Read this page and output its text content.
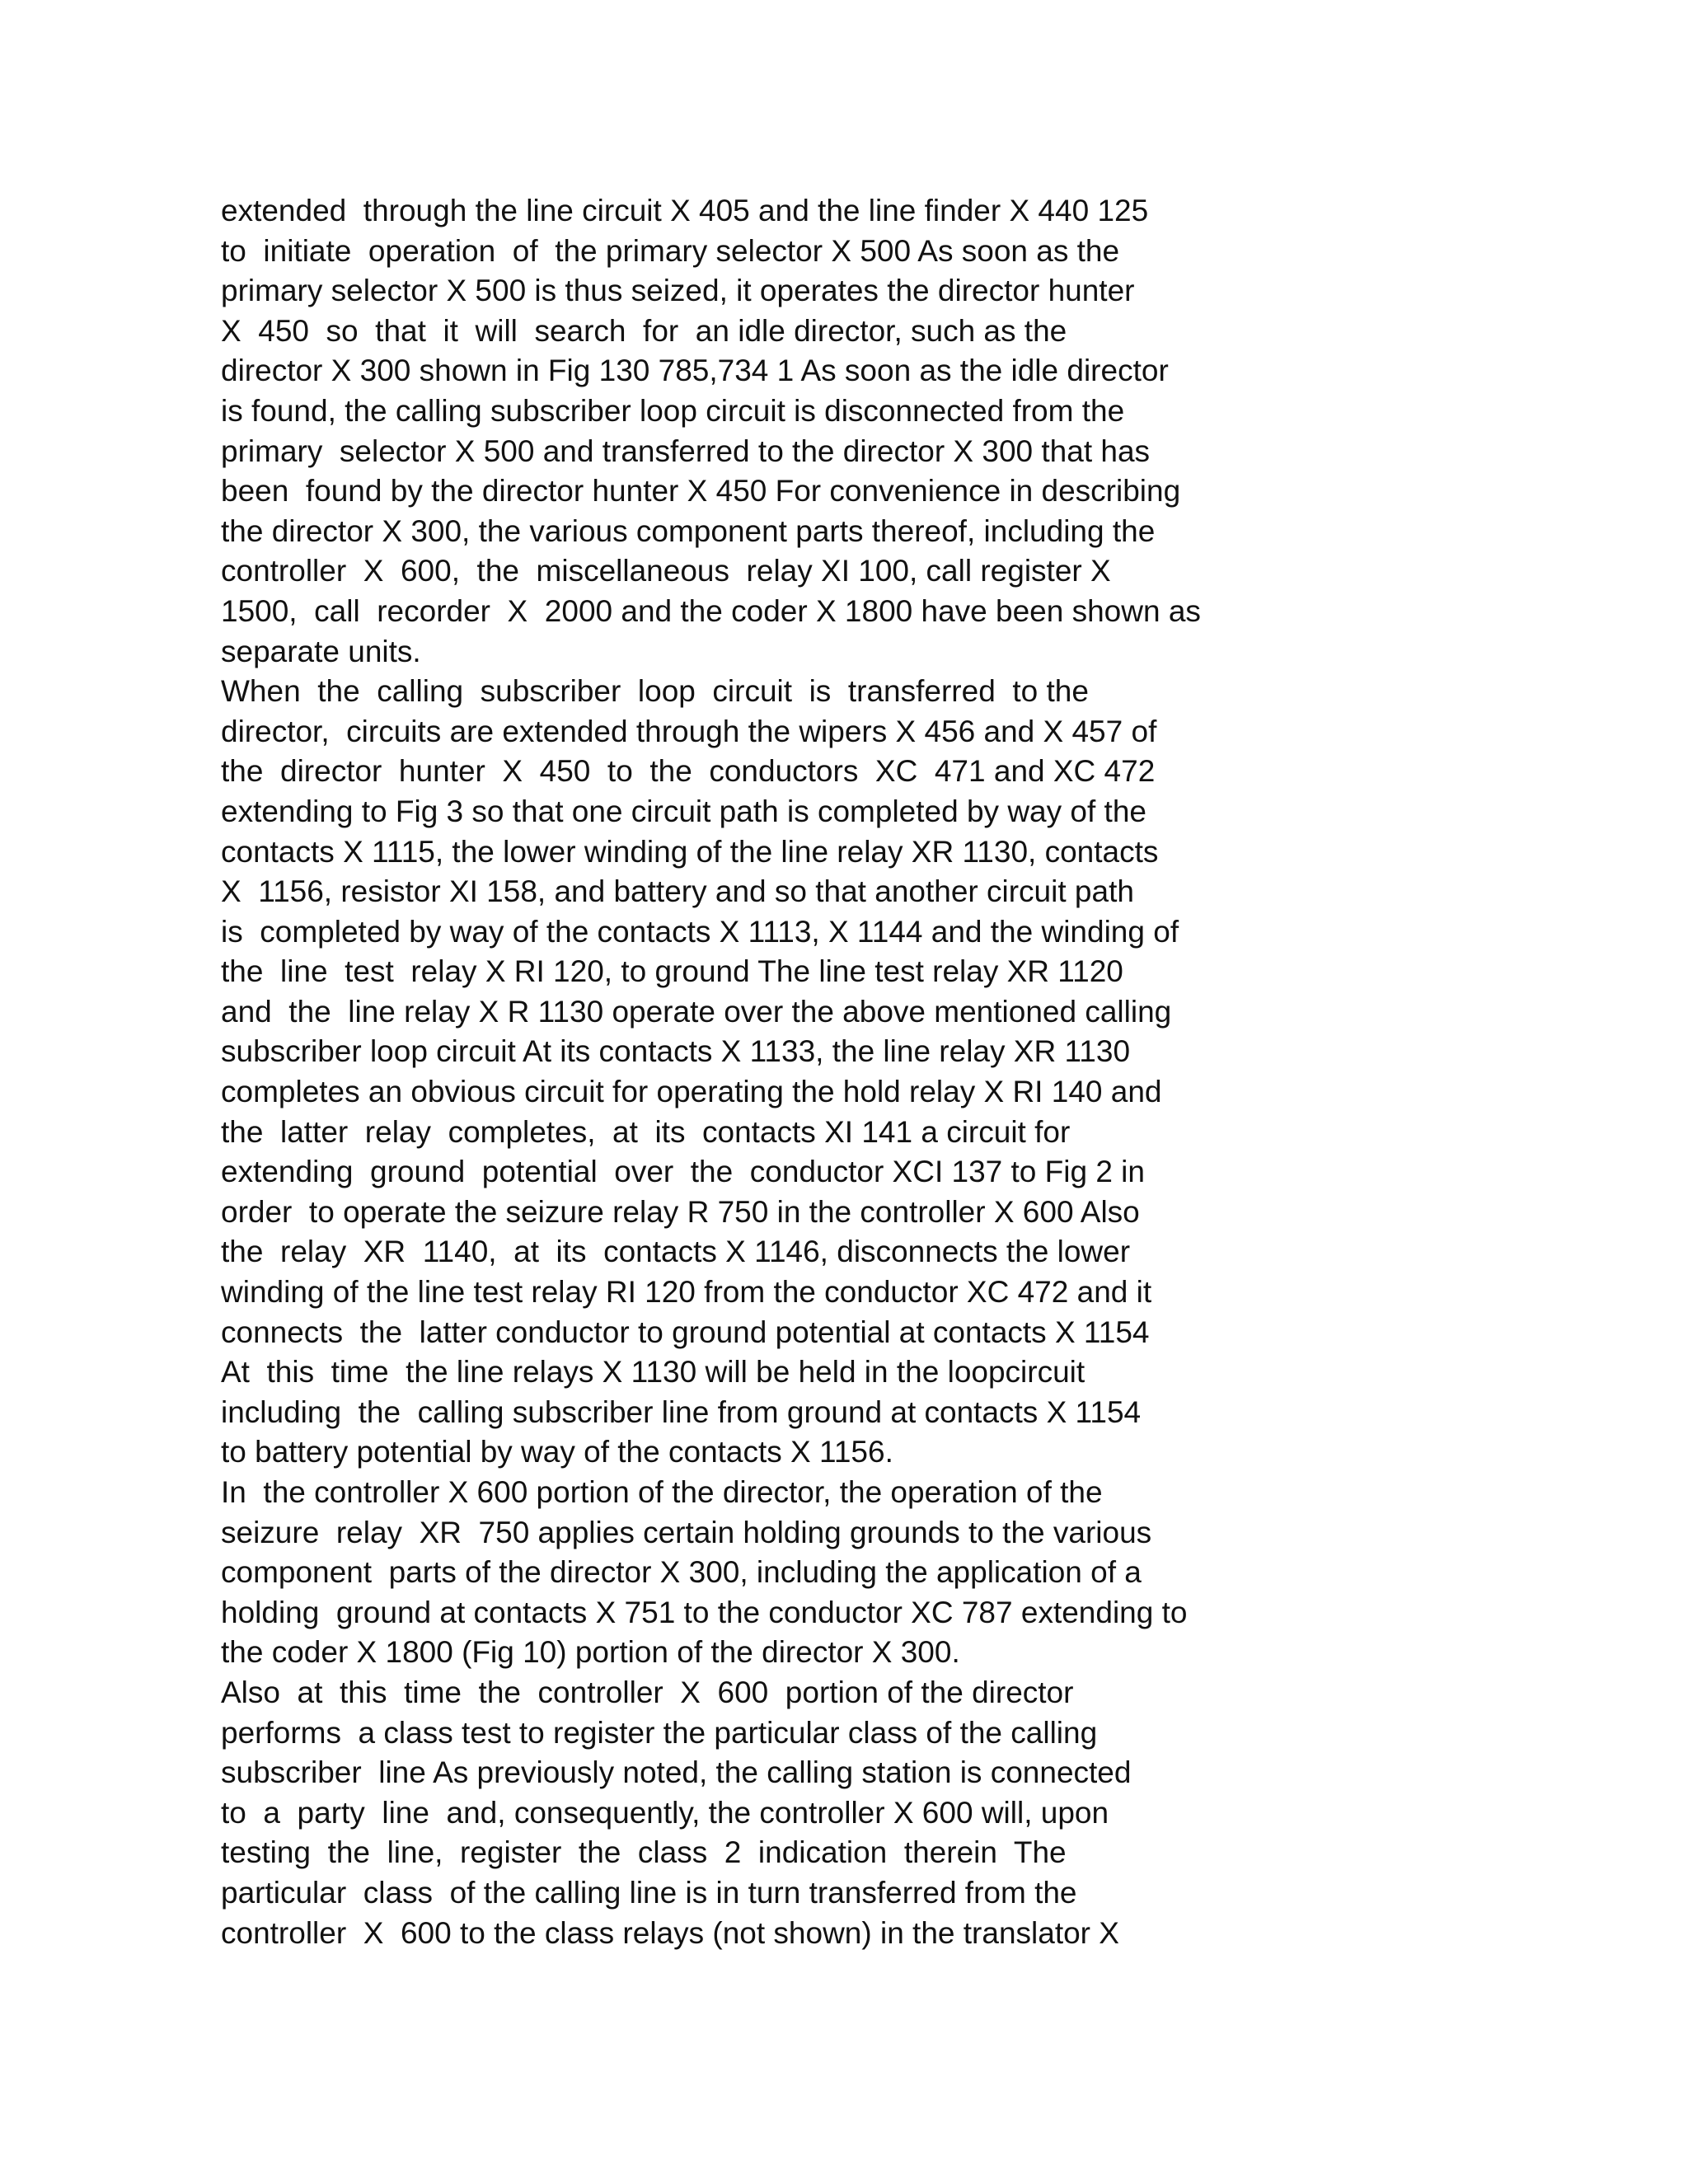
extended  through the line circuit X 405 and the line finder X 440 125
to  initiate  operation  of  the primary selector X 500 As soon as the
primary selector X 500 is thus seized, it operates the director hunter
X  450  so  that  it  will  search  for  an idle director, such as the
director X 300 shown in Fig 130 785,734 1 As soon as the idle director
is found, the calling subscriber loop circuit is disconnected from the
primary  selector X 500 and transferred to the director X 300 that has
been  found by the director hunter X 450 For convenience in describing
the director X 300, the various component parts thereof, including the
controller  X  600,  the  miscellaneous  relay XI 100, call register X
1500,  call  recorder  X  2000 and the coder X 1800 have been shown as
separate units.
When  the  calling  subscriber  loop  circuit  is  transferred  to the
director,  circuits are extended through the wipers X 456 and X 457 of
the  director  hunter  X  450  to  the  conductors  XC  471 and XC 472
extending to Fig 3 so that one circuit path is completed by way of the
contacts X 1115, the lower winding of the line relay XR 1130, contacts
X  1156, resistor XI 158, and battery and so that another circuit path
is  completed by way of the contacts X 1113, X 1144 and the winding of
the  line  test  relay X RI 120, to ground The line test relay XR 1120
and  the  line relay X R 1130 operate over the above mentioned calling
subscriber loop circuit At its contacts X 1133, the line relay XR 1130
completes an obvious circuit for operating the hold relay X RI 140 and
the  latter  relay  completes,  at  its  contacts XI 141 a circuit for
extending  ground  potential  over  the  conductor XCI 137 to Fig 2 in
order  to operate the seizure relay R 750 in the controller X 600 Also
the  relay  XR  1140,  at  its  contacts X 1146, disconnects the lower
winding of the line test relay RI 120 from the conductor XC 472 and it
connects  the  latter conductor to ground potential at contacts X 1154
At  this  time  the line relays X 1130 will be held in the loopcircuit
including  the  calling subscriber line from ground at contacts X 1154
to battery potential by way of the contacts X 1156.
In  the controller X 600 portion of the director, the operation of the
seizure  relay  XR  750 applies certain holding grounds to the various
component  parts of the director X 300, including the application of a
holding  ground at contacts X 751 to the conductor XC 787 extending to
the coder X 1800 (Fig 10) portion of the director X 300.
Also  at  this  time  the  controller  X  600  portion of the director
performs  a class test to register the particular class of the calling
subscriber  line As previously noted, the calling station is connected
to  a  party  line  and, consequently, the controller X 600 will, upon
testing  the  line,  register  the  class  2  indication  therein  The
particular  class  of the calling line is in turn transferred from the
controller  X  600 to the class relays (not shown) in the translator X
